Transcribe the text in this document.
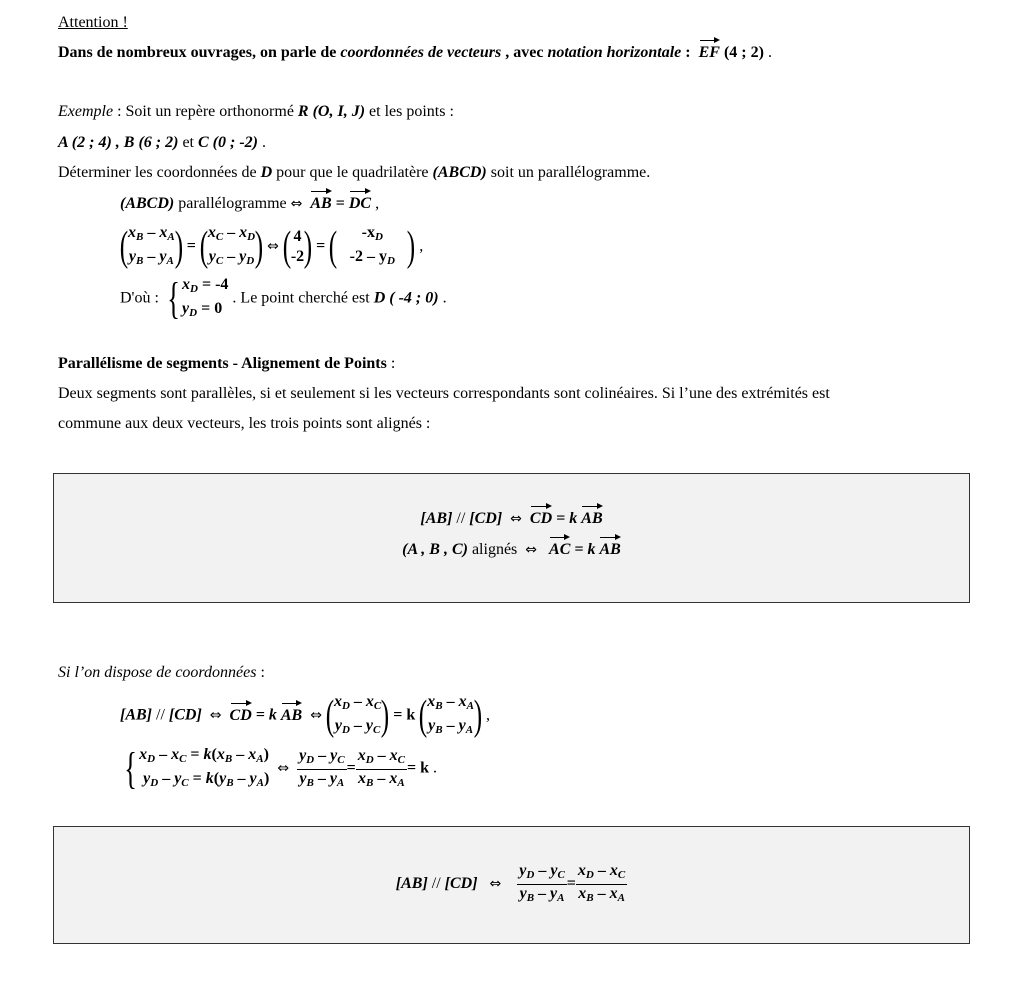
Attention !
Dans de nombreux ouvrages, on parle de coordonnées de vecteurs , avec notation horizontale :  EF (4 ; 2) .
Exemple : Soit un repère orthonormé R (O, I, J) et les points :
A (2 ; 4) , B (6 ; 2) et C (0 ; -2) .
Déterminer les coordonnées de D pour que le quadrilatère (ABCD) soit un parallélogramme.
(ABCD) parallélogramme ⇔ AB = DC ,
($x_B - x_A$
$y_B - y_A) = (x_C - x_D$
$y_C - y_D$) ⇔ ( 4
-2) = ( $-x_D$
$-2 - y_D$ ) ,
D'où : { $x_D = -4$
$y_D = 0$ . Le point cherché est D ( -4 ; 0) .
Parallélisme de segments - Alignement de Points :
Deux segments sont parallèles, si et seulement si les vecteurs correspondants sont colinéaires. Si l’une des extrémités est
commune aux deux vecteurs, les trois points sont alignés :
[AB] // [CD] ⇔ CD = k AB
(A , B , C) alignés  ⇔ AC = k AB
Si l’on dispose de coordonnées :
[AB] // [CD] ⇔ CD = k AB ⇔ ($x_D - x_C$
$y_D - y_C) = k$ ($x_B - x_A$
$y_B - y_A$) ,
{ $x_D - x_C = k(x_B - x_A)$
$y_D - y_C = k(y_B - y_A)$  ⇔ $\frac{y_D - y_C}{y_B - y_A} = \frac{x_D - x_C}{x_B - x_A} = k$ .
[AB] // [CD] ⇔ $\frac{y_D - y_C}{y_B - y_A} = \frac{x_D - x_C}{x_B - x_A}$
